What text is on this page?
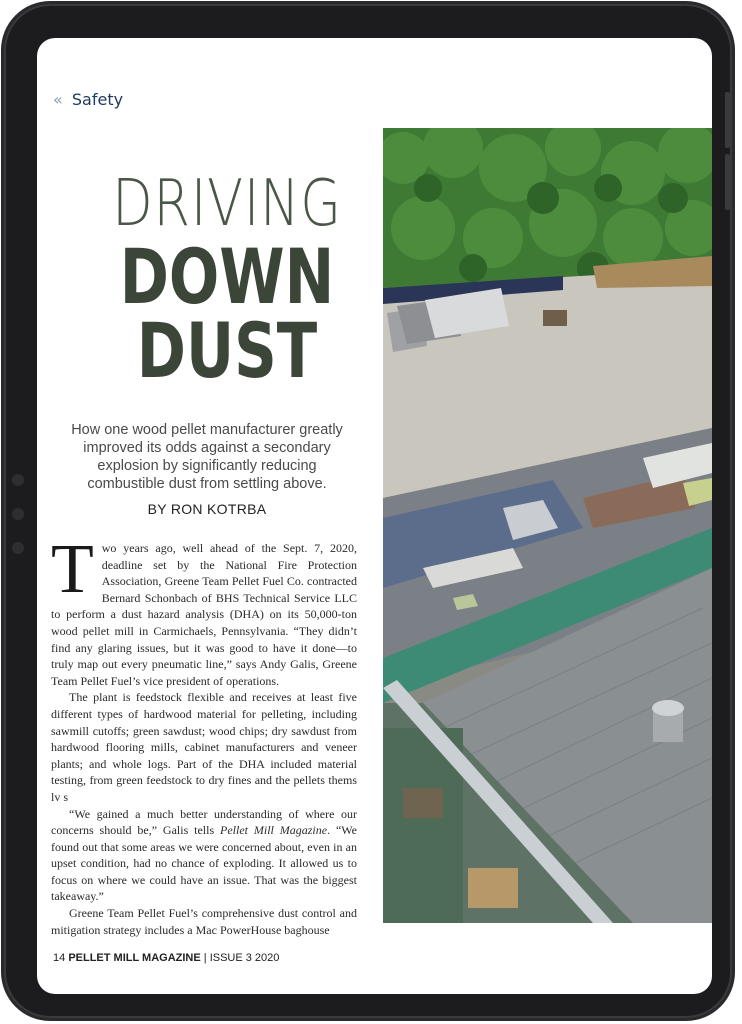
« Safety
DRIVING
DOWN
DUST
How one wood pellet manufacturer greatly improved its odds against a secondary explosion by significantly reducing combustible dust from settling above.
BY RON KOTRBA

Two years ago, well ahead of the Sept. 7, 2020, deadline set by the National Fire Protection Association, Greene Team Pellet Fuel Co. contracted Bernard Schonbach of BHS Technical Service LLC to perform a dust hazard analysis (DHA) on its 50,000-ton wood pellet mill in Carmichaels, Pennsylvania. “They didn’t find any glaring issues, but it was good to have it done—to truly map out every pneumatic line,” says Andy Galis, Greene Team Pellet Fuel’s vice president of operations.

The plant is feedstock flexible and receives at least five different types of hardwood material for pelleting, including sawmill cutoffs; green sawdust; wood chips; dry sawdust from hardwood flooring mills, cabinet manufacturers and veneer plants; and whole logs. Part of the DHA included material testing, from green feedstock to dry fines and the pellets thems lv s

“We gained a much better understanding of where our concerns should be,” Galis tells Pellet Mill Magazine. “We found out that some areas we were concerned about, even in an upset condition, had no chance of exploding. It allowed us to focus on where we could have an issue. That was the biggest takeaway.”

Greene Team Pellet Fuel’s comprehensive dust control and mitigation strategy includes a Mac PowerHouse baghouse

14 PELLET MILL MAGAZINE | ISSUE 3 2020
